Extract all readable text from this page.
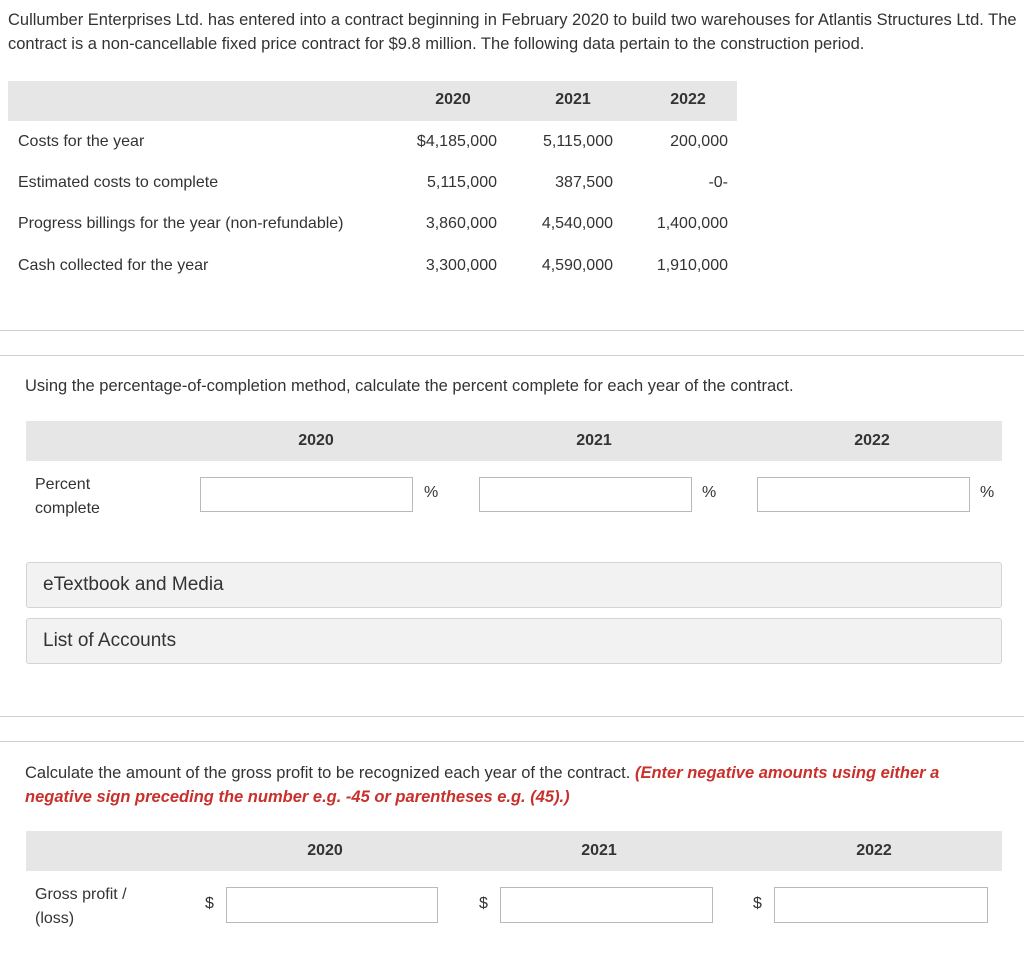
Cullumber Enterprises Ltd. has entered into a contract beginning in February 2020 to build two warehouses for Atlantis Structures Ltd. The contract is a non-cancellable fixed price contract for $9.8 million. The following data pertain to the construction period.
2020	2021	2022
Costs for the year	$4,185,000	5,115,000	200,000
Estimated costs to complete	5,115,000	387,500	-0-
Progress billings for the year (non-refundable)	3,860,000	4,540,000	1,400,000
Cash collected for the year	3,300,000	4,590,000	1,910,000
Using the percentage-of-completion method, calculate the percent complete for each year of the contract.
2020	2021	2022
Percent
complete
%	%	%
eTextbook and Media
List of Accounts
Calculate the amount of the gross profit to be recognized each year of the contract. (Enter negative amounts using either a negative sign preceding the number e.g. -45 or parentheses e.g. (45).)
2020	2021	2022
Gross profit /
(loss)
$	$	$
